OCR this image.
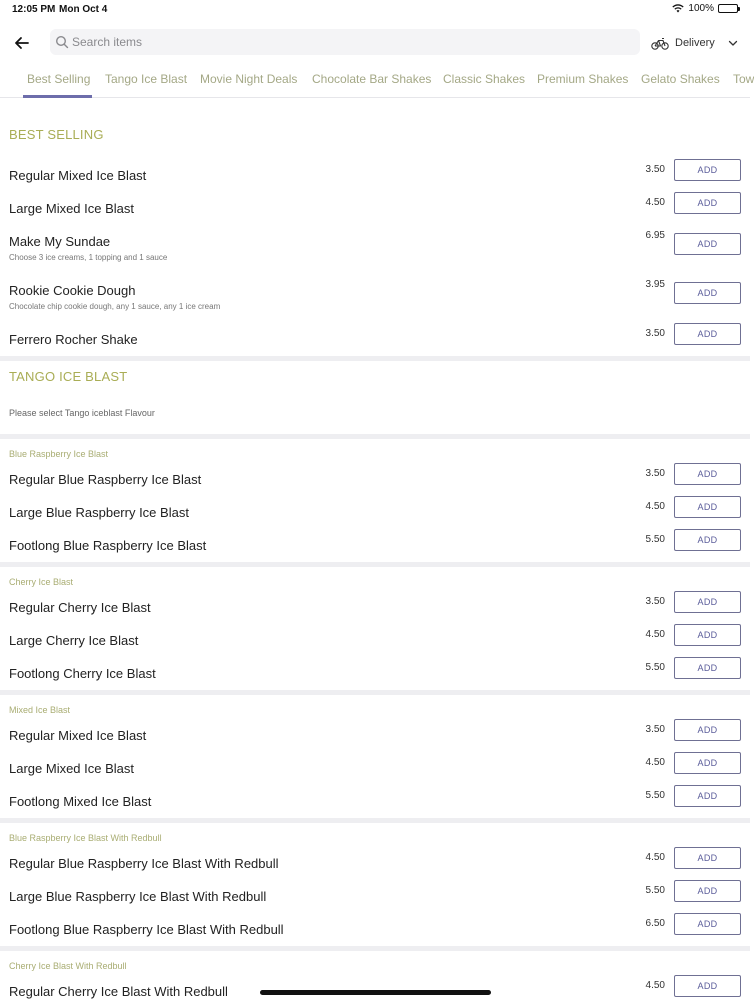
12:05 PM Mon Oct 4	100%
Search items
Delivery
Best Selling Tango Ice Blast Movie Night Deals Chocolate Bar Shakes Classic Shakes Premium Shakes Gelato Shakes Tow
BEST SELLING
Regular Mixed Ice Blast	3.50	ADD
Large Mixed Ice Blast	4.50	ADD
Make My Sundae
Choose 3 ice creams, 1 topping and 1 sauce
6.95
ADD
Rookie Cookie Dough
Chocolate chip cookie dough, any 1 sauce, any 1 ice cream
3.95
ADD
Ferrero Rocher Shake	3.50	ADD
TANGO ICE BLAST
Please select Tango iceblast Flavour
Blue Raspberry Ice Blast
Regular Blue Raspberry Ice Blast	3.50	ADD
Large Blue Raspberry Ice Blast	4.50	ADD
Footlong Blue Raspberry Ice Blast	5.50	ADD
Cherry Ice Blast
Regular Cherry Ice Blast	3.50	ADD
Large Cherry Ice Blast	4.50	ADD
Footlong Cherry Ice Blast	5.50	ADD
Mixed Ice Blast
Regular Mixed Ice Blast	3.50	ADD
Large Mixed Ice Blast	4.50	ADD
Footlong Mixed Ice Blast	5.50	ADD
Blue Raspberry Ice Blast With Redbull
Regular Blue Raspberry Ice Blast With Redbull	4.50	ADD
Large Blue Raspberry Ice Blast With Redbull	5.50	ADD
Footlong Blue Raspberry Ice Blast With Redbull	6.50	ADD
Cherry Ice Blast With Redbull
Regular Cherry Ice Blast With Redbull	4.50	ADD
